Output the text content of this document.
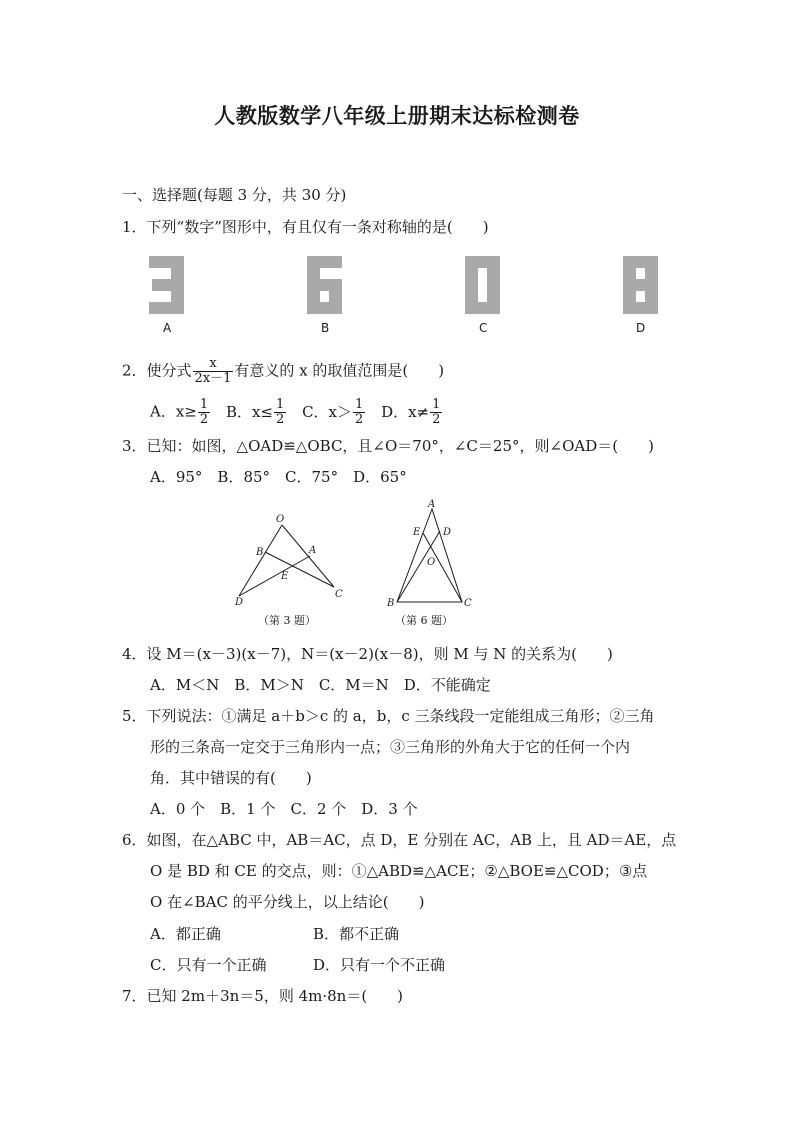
人教版数学八年级上册期末达标检测卷
一、选择题(每题 3 分，共 30 分)
1．下列“数字”图形中，有且仅有一条对称轴的是(　　)
A	B	C	D
2．使分式 $\frac{x}{2x-1}$ 有意义的 x 的取值范围是(　　)
A．$x\ge \frac{1}{2}$ B．$x\le \frac{1}{2}$ C．$x> \frac{1}{2}$ D．$x\ne \frac{1}{2}$
3．已知：如图，△OAD≌△OBC，且∠O＝70°，∠C＝25°，则∠OAD＝(　　)
A．95°　B．85°　C．75°　D．65°
O
B	A
E
D
C
A
E D
O
B	C
（第 3 题）	（第 6 题）
4．设 M＝(x－3)(x－7)，N＝(x－2)(x－8)，则 M 与 N 的关系为(　　)
A．M＜N　B．M＞N　C．M＝N　D．不能确定
5．下列说法：①满足 a＋b＞c 的 a，b，c 三条线段一定能组成三角形；②三角
形的三条高一定交于三角形内一点；③三角形的外角大于它的任何一个内
角．其中错误的有(　　)
A．0 个　B．1 个　C．2 个　D．3 个
6．如图，在△ABC 中，AB＝AC，点 D，E 分别在 AC，AB 上，且 AD＝AE，点
O 是 BD 和 CE 的交点，则：①△ABD≌△ACE；②△BOE≌△COD；③点
O 在∠BAC 的平分线上，以上结论(　　)
A．都正确	B．都不正确
C．只有一个正确	D．只有一个不正确
7．已知 2m＋3n＝5，则 4m·8n＝(　　)
